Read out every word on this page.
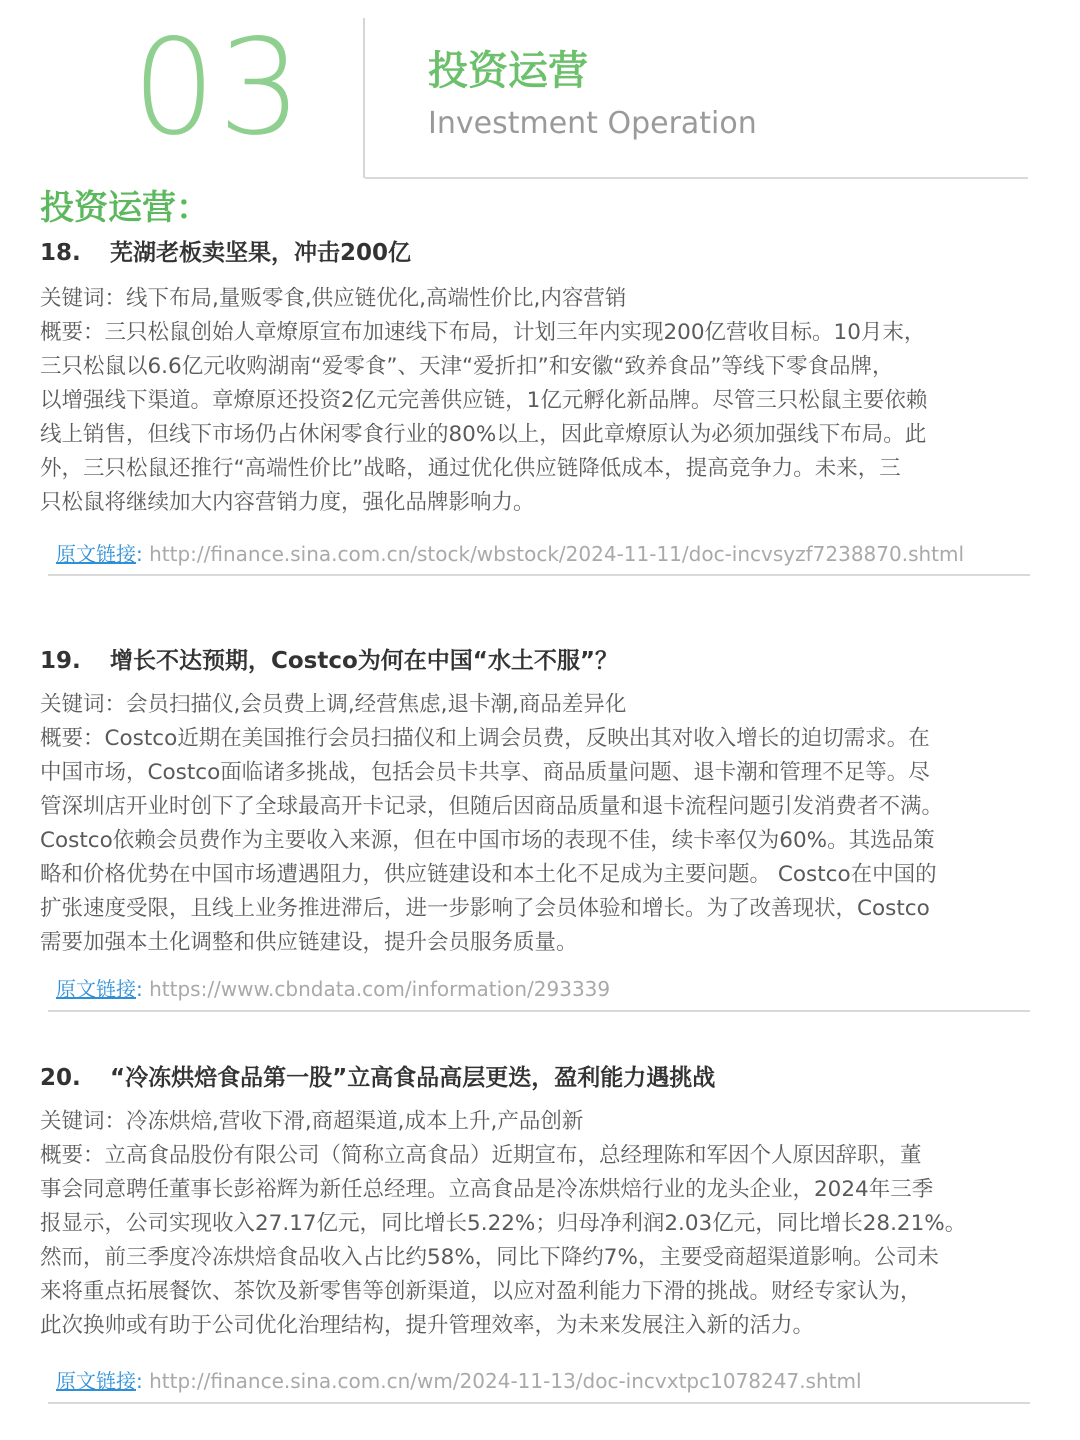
03	投资运营
Investment Operation
投资运营：
18. 芜湖老板卖坚果，冲击200亿
关键词：线下布局,量贩零食,供应链优化,高端性价比,内容营销
概要：三只松鼠创始人章燎原宣布加速线下布局，计划三年内实现200亿营收目标。10月末，
三只松鼠以6.6亿元收购湖南“爱零食”、天津“爱折扣”和安徽“致养食品”等线下零食品牌，
以增强线下渠道。章燎原还投资2亿元完善供应链，1亿元孵化新品牌。尽管三只松鼠主要依赖
线上销售，但线下市场仍占休闲零食行业的80%以上，因此章燎原认为必须加强线下布局。此
外，三只松鼠还推行“高端性价比”战略，通过优化供应链降低成本，提高竞争力。未来，三
只松鼠将继续加大内容营销力度，强化品牌影响力。
原文链接: http://finance.sina.com.cn/stock/wbstock/2024-11-11/doc-incvsyzf7238870.shtml
19. 增长不达预期，Costco为何在中国“水土不服”？
关键词：会员扫描仪,会员费上调,经营焦虑,退卡潮,商品差异化
概要：Costco近期在美国推行会员扫描仪和上调会员费，反映出其对收入增长的迫切需求。在
中国市场，Costco面临诸多挑战，包括会员卡共享、商品质量问题、退卡潮和管理不足等。尽
管深圳店开业时创下了全球最高开卡记录，但随后因商品质量和退卡流程问题引发消费者不满。
Costco依赖会员费作为主要收入来源，但在中国市场的表现不佳，续卡率仅为60%。其选品策
略和价格优势在中国市场遭遇阻力，供应链建设和本土化不足成为主要问题。 Costco在中国的
扩张速度受限，且线上业务推进滞后，进一步影响了会员体验和增长。为了改善现状，Costco
需要加强本土化调整和供应链建设，提升会员服务质量。
原文链接: https://www.cbndata.com/information/293339
20. “冷冻烘焙食品第一股”立高食品高层更迭，盈利能力遇挑战
关键词：冷冻烘焙,营收下滑,商超渠道,成本上升,产品创新
概要：立高食品股份有限公司（简称立高食品）近期宣布，总经理陈和军因个人原因辞职，董
事会同意聘任董事长彭裕辉为新任总经理。立高食品是冷冻烘焙行业的龙头企业，2024年三季
报显示，公司实现收入27.17亿元，同比增长5.22%；归母净利润2.03亿元，同比增长28.21%。
然而，前三季度冷冻烘焙食品收入占比约58%，同比下降约7%，主要受商超渠道影响。公司未
来将重点拓展餐饮、茶饮及新零售等创新渠道，以应对盈利能力下滑的挑战。财经专家认为，
此次换帅或有助于公司优化治理结构，提升管理效率，为未来发展注入新的活力。
原文链接: http://finance.sina.com.cn/wm/2024-11-13/doc-incvxtpc1078247.shtml
